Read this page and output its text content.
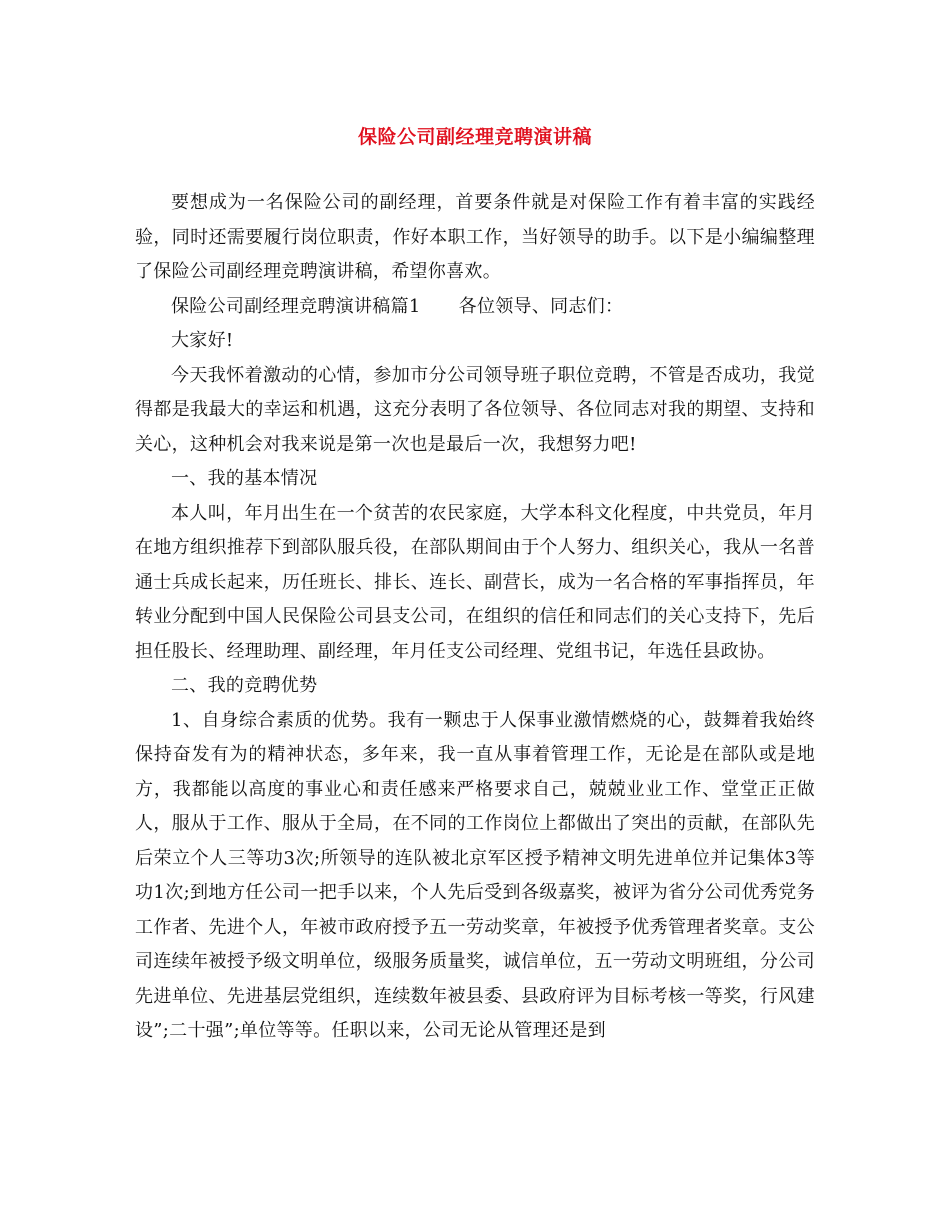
保险公司副经理竞聘演讲稿

要想成为一名保险公司的副经理，首要条件就是对保险工作有着丰富的实践经验，同时还需要履行岗位职责，作好本职工作，当好领导的助手。以下是小编编整理了保险公司副经理竞聘演讲稿，希望你喜欢。

保险公司副经理竞聘演讲稿篇1 各位领导、同志们：

大家好!

今天我怀着激动的心情，参加市分公司领导班子职位竞聘，不管是否成功，我觉得都是我最大的幸运和机遇，这充分表明了各位领导、各位同志对我的期望、支持和关心，这种机会对我来说是第一次也是最后一次，我想努力吧!

一、我的基本情况

本人叫，年月出生在一个贫苦的农民家庭，大学本科文化程度，中共党员，年月在地方组织推荐下到部队服兵役，在部队期间由于个人努力、组织关心，我从一名普通士兵成长起来，历任班长、排长、连长、副营长，成为一名合格的军事指挥员，年转业分配到中国人民保险公司县支公司，在组织的信任和同志们的关心支持下，先后担任股长、经理助理、副经理，年月任支公司经理、党组书记，年选任县政协。

二、我的竞聘优势

1、自身综合素质的优势。我有一颗忠于人保事业激情燃烧的心，鼓舞着我始终保持奋发有为的精神状态，多年来，我一直从事着管理工作，无论是在部队或是地方，我都能以高度的事业心和责任感来严格要求自己，兢兢业业工作、堂堂正正做人，服从于工作、服从于全局，在不同的工作岗位上都做出了突出的贡献，在部队先后荣立个人三等功3次;所领导的连队被北京军区授予精神文明先进单位并记集体3等功1次;到地方任公司一把手以来，个人先后受到各级嘉奖，被评为省分公司优秀党务工作者、先进个人，年被市政府授予五一劳动奖章，年被授予优秀管理者奖章。支公司连续年被授予级文明单位，级服务质量奖，诚信单位，五一劳动文明班组，分公司先进单位、先进基层党组织，连续数年被县委、县政府评为目标考核一等奖，行风建设”;二十强”;单位等等。任职以来，公司无论从管理还是到
